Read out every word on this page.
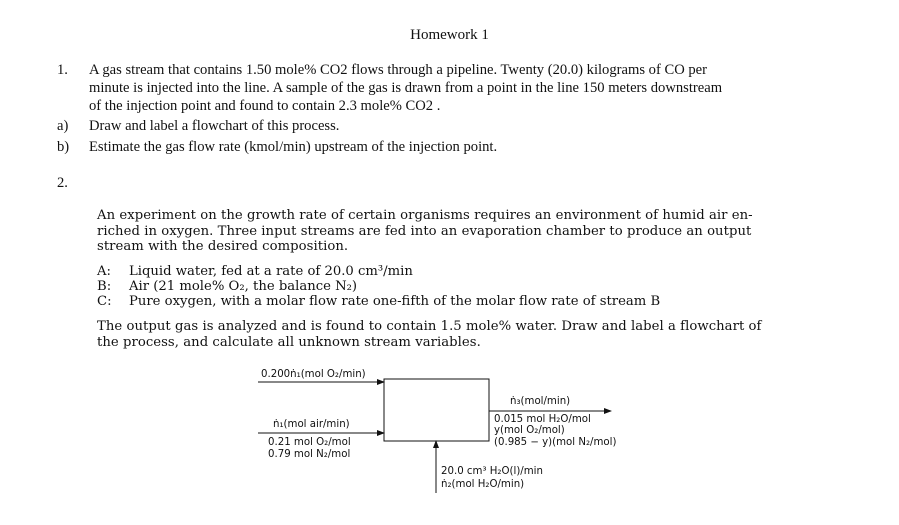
Homework 1
1. A gas stream that contains 1.50 mole% CO2 flows through a pipeline. Twenty (20.0) kilograms of CO per
minute is injected into the line. A sample of the gas is drawn from a point in the line 150 meters downstream
of the injection point and found to contain 2.3 mole% CO2 .
a) Draw and label a flowchart of this process.
b) Estimate the gas flow rate (kmol/min) upstream of the injection point.
2.
An experiment on the growth rate of certain organisms requires an environment of humid air en-
riched in oxygen. Three input streams are fed into an evaporation chamber to produce an output
stream with the desired composition.
A: Liquid water, fed at a rate of 20.0 cm³/min
B: Air (21 mole% O₂, the balance N₂)
C: Pure oxygen, with a molar flow rate one-fifth of the molar flow rate of stream B
The output gas is analyzed and is found to contain 1.5 mole% water. Draw and label a flowchart of
the process, and calculate all unknown stream variables.
0.200ṅ₁(mol O₂/min)
ṅ₁(mol air/min)
0.21 mol O₂/mol
0.79 mol N₂/mol
ṅ₃(mol/min)
0.015 mol H₂O/mol
y(mol O₂/mol)
(0.985 − y)(mol N₂/mol)
20.0 cm³ H₂O(l)/min
ṅ₂(mol H₂O/min)
